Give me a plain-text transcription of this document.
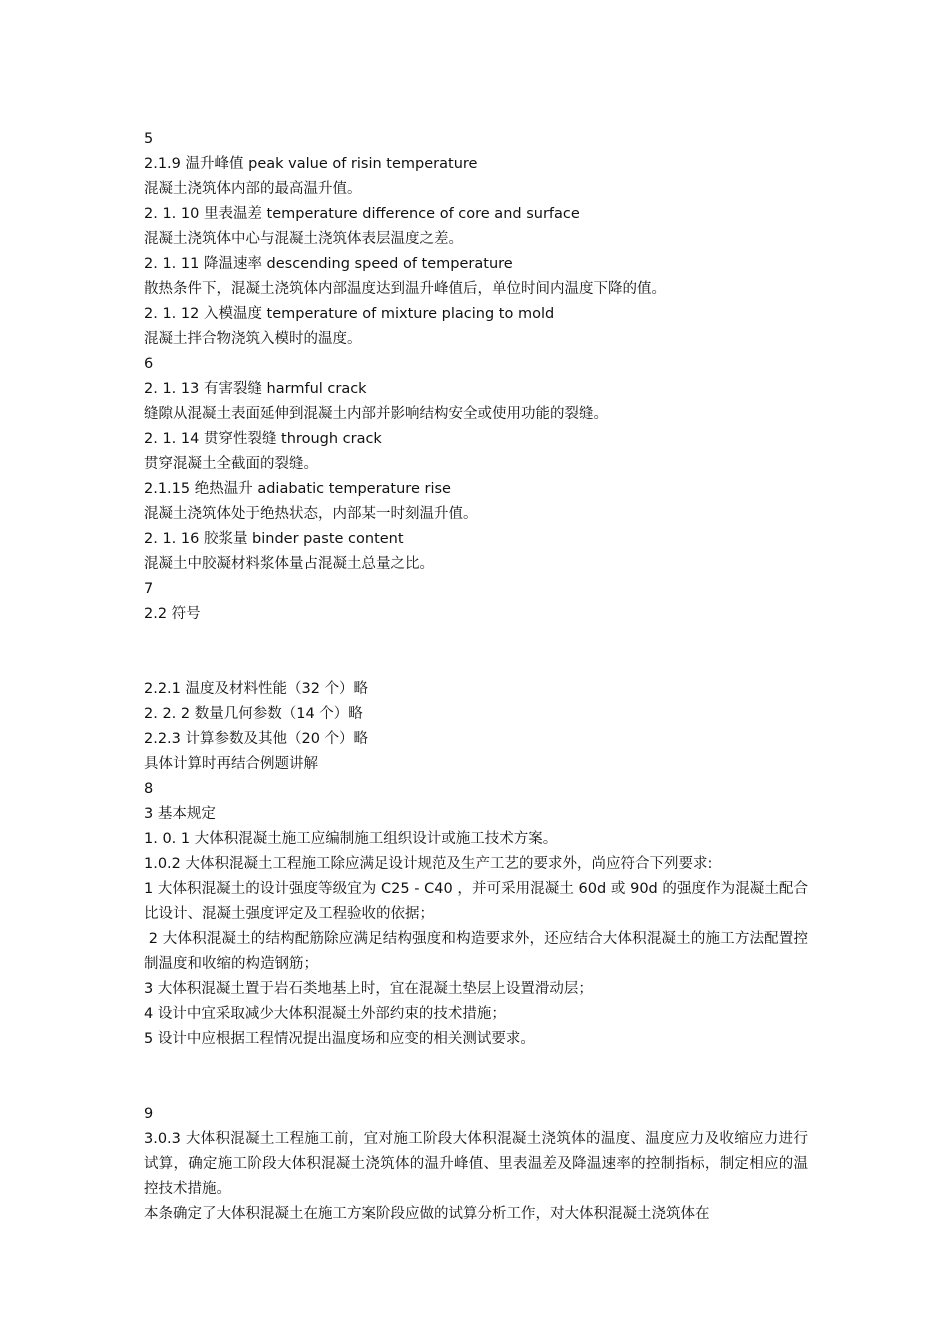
5
2.1.9 温升峰值 peak value of risin temperature
混凝土浇筑体内部的最高温升值。
2. 1. 10 里表温差 temperature difference of core and surface
混凝土浇筑体中心与混凝土浇筑体表层温度之差。
2. 1. 11 降温速率 descending speed of temperature
散热条件下，混凝土浇筑体内部温度达到温升峰值后，单位时间内温度下降的值。
2. 1. 12 入模温度 temperature of mixture placing to mold
混凝土拌合物浇筑入模时的温度。
6
2. 1. 13 有害裂缝 harmful crack
缝隙从混凝土表面延伸到混凝土内部并影响结构安全或使用功能的裂缝。
2. 1. 14 贯穿性裂缝 through crack
贯穿混凝土全截面的裂缝。
2.1.15 绝热温升 adiabatic temperature rise
混凝土浇筑体处于绝热状态，内部某一时刻温升值。
2. 1. 16 胶浆量 binder paste content
混凝土中胶凝材料浆体量占混凝土总量之比。
7
2.2 符号
2.2.1 温度及材料性能（32 个）略
2. 2. 2 数量几何参数（14 个）略
2.2.3 计算参数及其他（20 个）略
具体计算时再结合例题讲解
8
3 基本规定
1. 0. 1 大体积混凝土施工应编制施工组织设计或施工技术方案。
1.0.2 大体积混凝土工程施工除应满足设计规范及生产工艺的要求外，尚应符合下列要求:
1 大体积混凝土的设计强度等级宜为 C25 - C40 ，并可采用混凝土 60d 或 90d 的强度作为混凝土配合比设计、混凝土强度评定及工程验收的依据；
2 大体积混凝土的结构配筋除应满足结构强度和构造要求外，还应结合大体积混凝土的施工方法配置控制温度和收缩的构造钢筋；
3 大体积混凝土置于岩石类地基上时，宜在混凝土垫层上设置滑动层；
4 设计中宜采取减少大体积混凝土外部约束的技术措施；
5 设计中应根据工程情况提出温度场和应变的相关测试要求。
9
3.0.3 大体积混凝土工程施工前，宜对施工阶段大体积混凝土浇筑体的温度、温度应力及收缩应力进行试算，确定施工阶段大体积混凝土浇筑体的温升峰值、里表温差及降温速率的控制指标，制定相应的温控技术措施。
本条确定了大体积混凝土在施工方案阶段应做的试算分析工作，对大体积混凝土浇筑体在
